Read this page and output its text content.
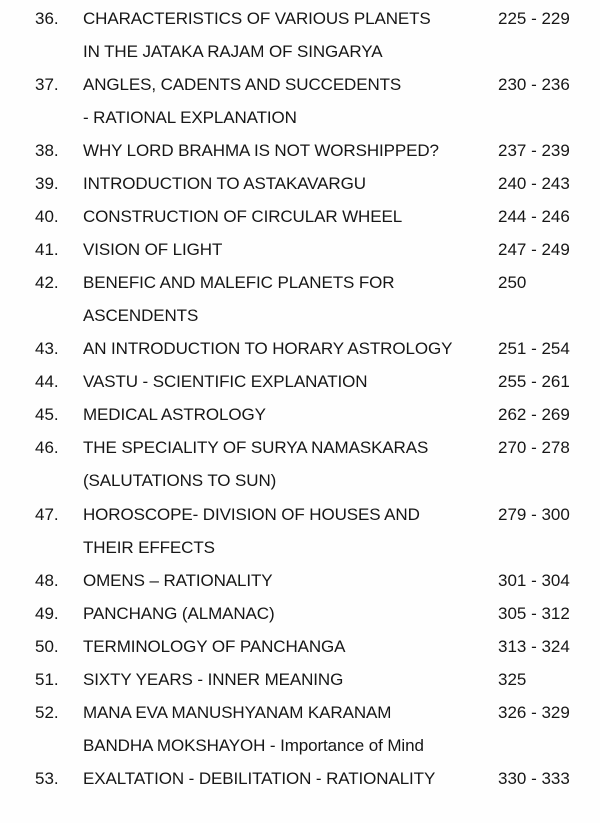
36. CHARACTERISTICS OF VARIOUS PLANETS	225 - 229
IN THE JATAKA RAJAM OF SINGARYA
37. ANGLES, CADENTS AND SUCCEDENTS	230 - 236
- RATIONAL EXPLANATION
38. WHY LORD BRAHMA IS NOT WORSHIPPED?	237 - 239
39. INTRODUCTION TO ASTAKAVARGU	240 - 243
40. CONSTRUCTION OF CIRCULAR WHEEL	244 - 246
41. VISION OF LIGHT	247 - 249
42. BENEFIC AND MALEFIC PLANETS FOR	250
ASCENDENTS
43. AN INTRODUCTION TO HORARY ASTROLOGY	251 - 254
44. VASTU - SCIENTIFIC EXPLANATION	255 - 261
45. MEDICAL ASTROLOGY	262 - 269
46. THE SPECIALITY OF SURYA NAMASKARAS	270 - 278
(SALUTATIONS TO SUN)
47. HOROSCOPE- DIVISION OF HOUSES AND	279 - 300
THEIR EFFECTS
48. OMENS – RATIONALITY	301 - 304
49. PANCHANG (ALMANAC)	305 - 312
50. TERMINOLOGY OF PANCHANGA	313 - 324
51. SIXTY YEARS - INNER MEANING	325
52. MANA EVA MANUSHYANAM KARANAM	326 - 329
BANDHA MOKSHAYOH - Importance of Mind
53. EXALTATION - DEBILITATION - RATIONALITY	330 - 333
